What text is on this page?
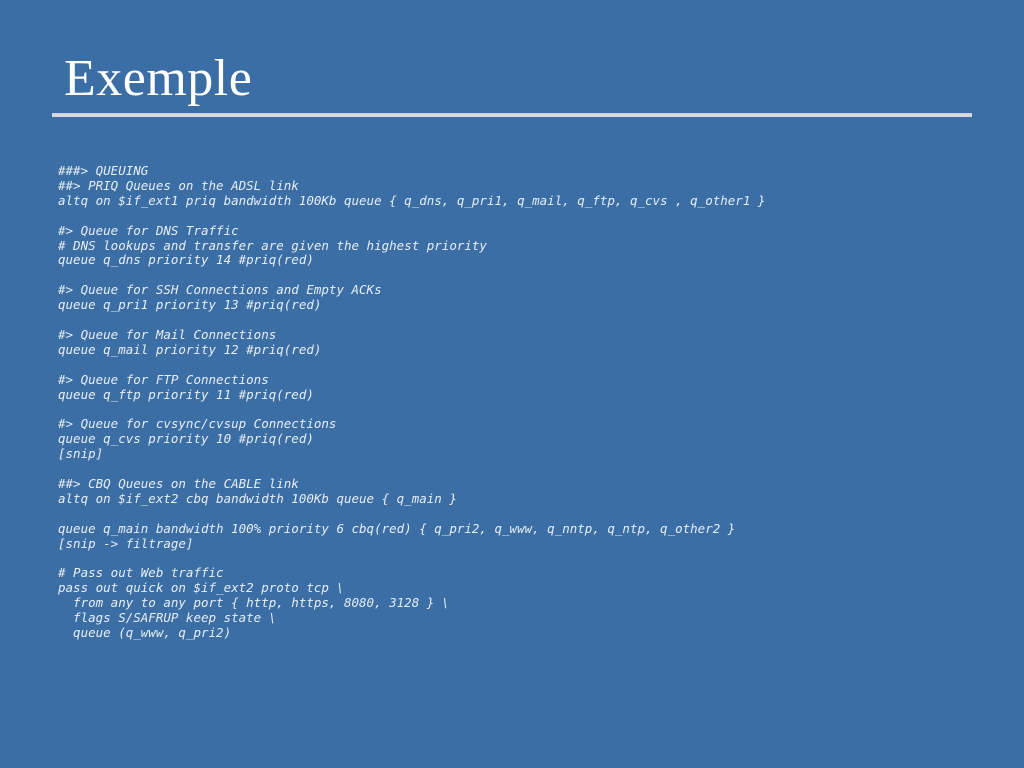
Exemple
###> QUEUING
##> PRIQ Queues on the ADSL link
altq on $if_ext1 priq bandwidth 100Kb queue { q_dns, q_pri1, q_mail, q_ftp, q_cvs , q_other1 }

#> Queue for DNS Traffic
# DNS lookups and transfer are given the highest priority
queue q_dns priority 14 #priq(red)

#> Queue for SSH Connections and Empty ACKs
queue q_pri1 priority 13 #priq(red)

#> Queue for Mail Connections
queue q_mail priority 12 #priq(red)

#> Queue for FTP Connections
queue q_ftp priority 11 #priq(red)

#> Queue for cvsync/cvsup Connections
queue q_cvs priority 10 #priq(red)
[snip]

##> CBQ Queues on the CABLE link
altq on $if_ext2 cbq bandwidth 100Kb queue { q_main }

queue q_main bandwidth 100% priority 6 cbq(red) { q_pri2, q_www, q_nntp, q_ntp, q_other2 }
[snip -> filtrage]

# Pass out Web traffic
pass out quick on $if_ext2 proto tcp \
from any to any port { http, https, 8080, 3128 } \
flags S/SAFRUP keep state \
queue (q_www, q_pri2)
